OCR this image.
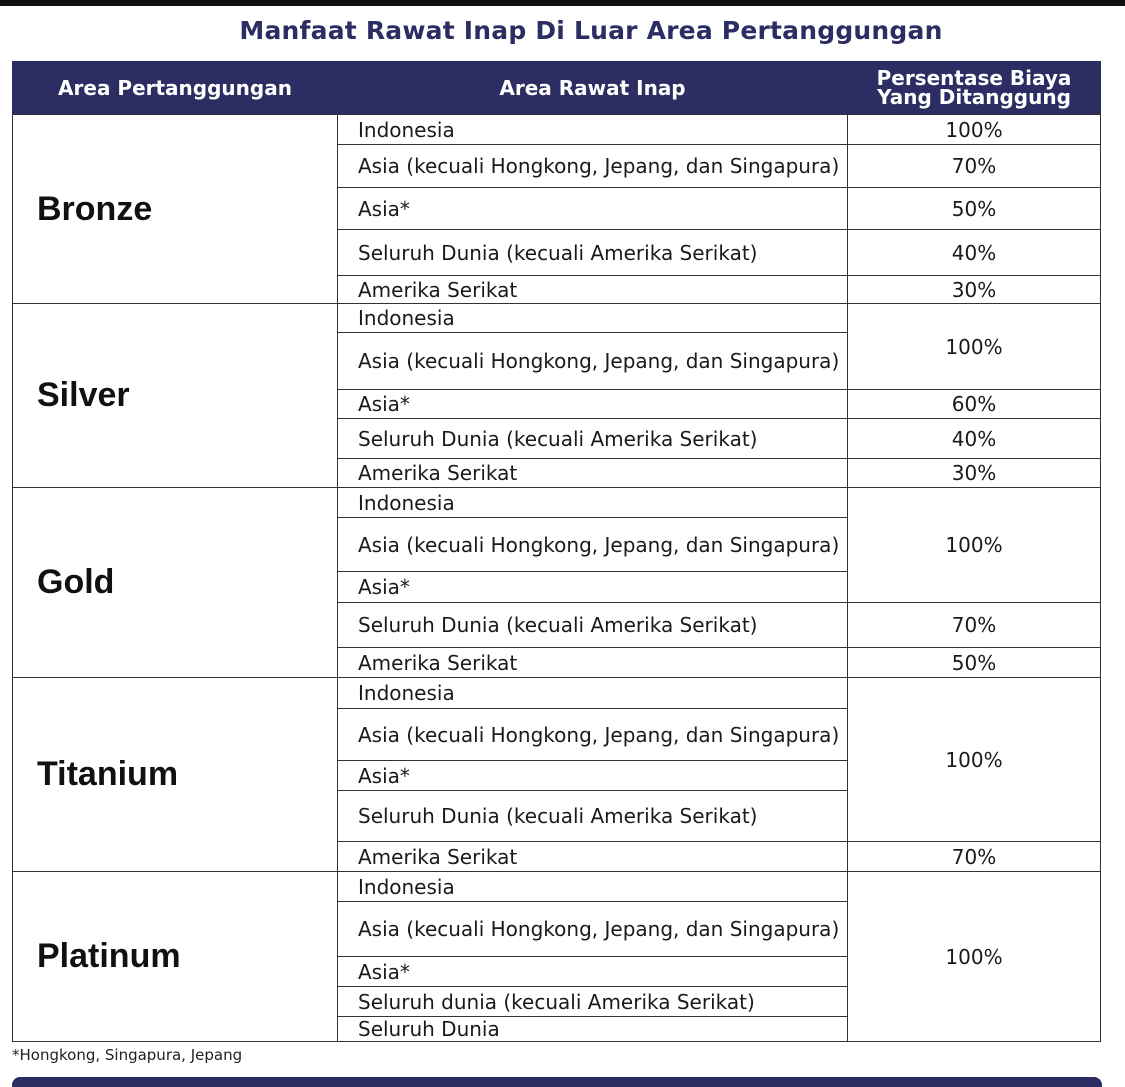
Manfaat Rawat Inap Di Luar Area Pertanggungan
Area Pertanggungan	Area Rawat Inap	Persentase Biaya Yang Ditanggung
Bronze
Indonesia
Asia (kecuali Hongkong, Jepang, dan Singapura)
Asia*
Seluruh Dunia (kecuali Amerika Serikat)
Amerika Serikat
100%
70%
50%
40%
30%
Silver
Indonesia
Asia (kecuali Hongkong, Jepang, dan Singapura)
Asia*
Seluruh Dunia (kecuali Amerika Serikat)
Amerika Serikat
100%
60%
40%
30%
Gold
Indonesia
Asia (kecuali Hongkong, Jepang, dan Singapura)
Asia*
Seluruh Dunia (kecuali Amerika Serikat)
Amerika Serikat
100%
70%
50%
Titanium
Indonesia
Asia (kecuali Hongkong, Jepang, dan Singapura)
Asia*
Seluruh Dunia (kecuali Amerika Serikat)
Amerika Serikat
100%
70%
Platinum
Indonesia
Asia (kecuali Hongkong, Jepang, dan Singapura)
Asia*
Seluruh dunia (kecuali Amerika Serikat)
Seluruh Dunia
100%
*Hongkong, Singapura, Jepang
